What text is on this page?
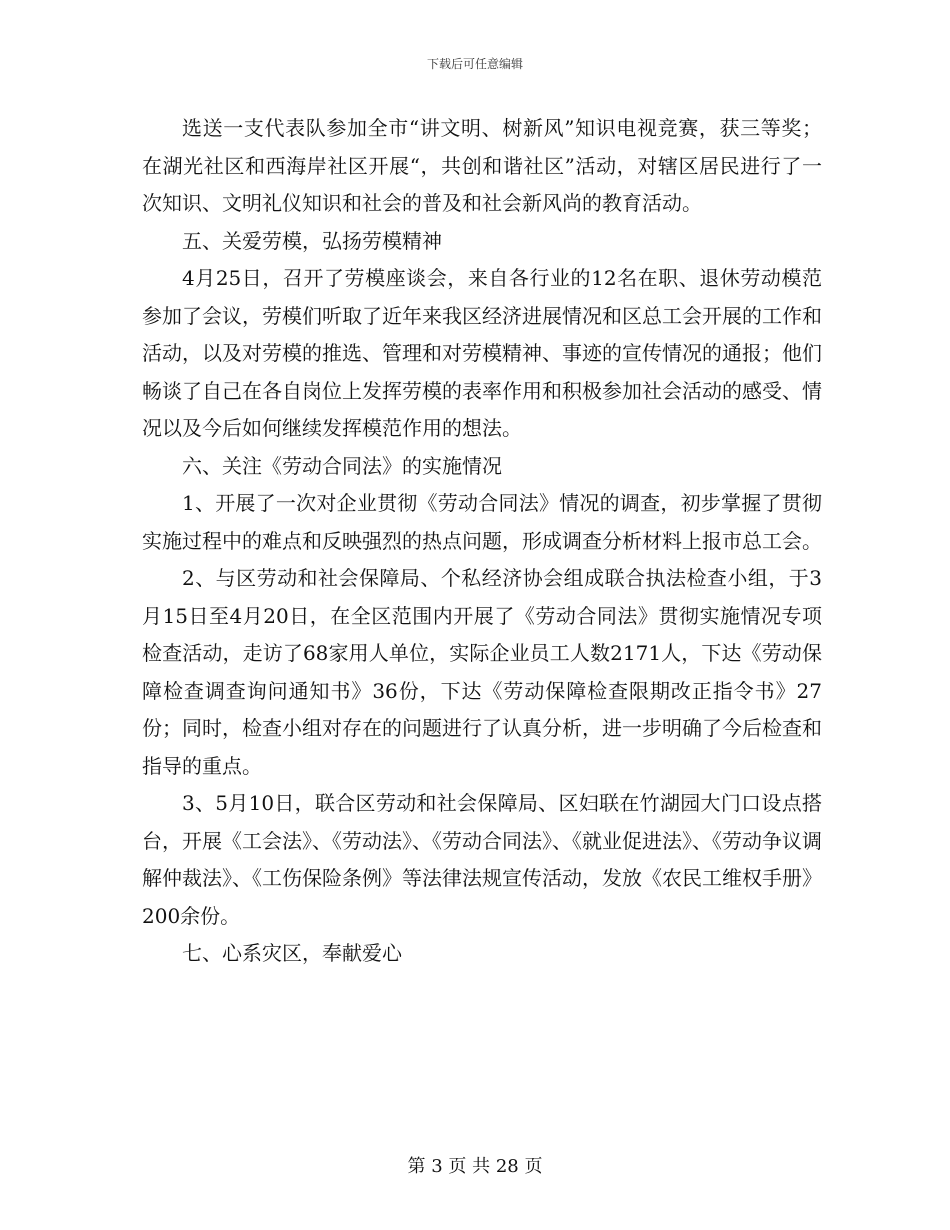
下载后可任意编辑

选送一支代表队参加全市“讲文明、树新风”知识电视竞赛，获三等奖；在湖光社区和西海岸社区开展“，共创和谐社区”活动，对辖区居民进行了一次知识、文明礼仪知识和社会的普及和社会新风尚的教育活动。

五、关爱劳模，弘扬劳模精神

4月25日，召开了劳模座谈会，来自各行业的12名在职、退休劳动模范参加了会议，劳模们听取了近年来我区经济进展情况和区总工会开展的工作和活动，以及对劳模的推选、管理和对劳模精神、事迹的宣传情况的通报；他们畅谈了自己在各自岗位上发挥劳模的表率作用和积极参加社会活动的感受、情况以及今后如何继续发挥模范作用的想法。

六、关注《劳动合同法》的实施情况

1、开展了一次对企业贯彻《劳动合同法》情况的调查，初步掌握了贯彻实施过程中的难点和反映强烈的热点问题，形成调查分析材料上报市总工会。

2、与区劳动和社会保障局、个私经济协会组成联合执法检查小组，于3月15日至4月20日，在全区范围内开展了《劳动合同法》贯彻实施情况专项检查活动，走访了68家用人单位，实际企业员工人数2171人，下达《劳动保障检查调查询问通知书》36份，下达《劳动保障检查限期改正指令书》27份；同时，检查小组对存在的问题进行了认真分析，进一步明确了今后检查和指导的重点。

3、5月10日，联合区劳动和社会保障局、区妇联在竹湖园大门口设点搭台，开展《工会法》、《劳动法》、《劳动合同法》、《就业促进法》、《劳动争议调解仲裁法》、《工伤保险条例》等法律法规宣传活动，发放《农民工维权手册》200余份。

七、心系灾区，奉献爱心

第 3 页 共 28 页
